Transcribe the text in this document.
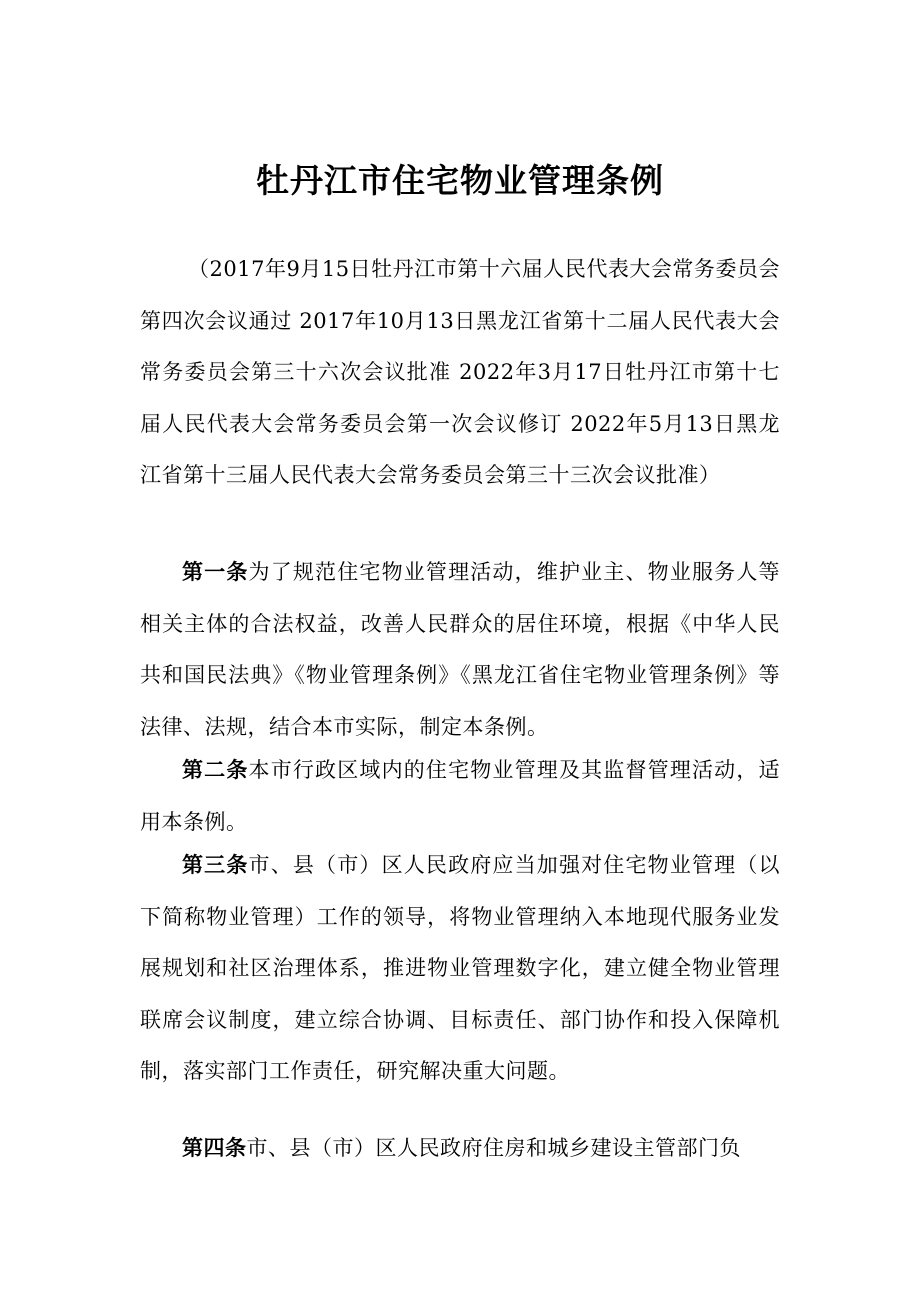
牡丹江市住宅物业管理条例
（2017年9月15日牡丹江市第十六届人民代表大会常务委员会第四次会议通过 2017年10月13日黑龙江省第十二届人民代表大会常务委员会第三十六次会议批准 2022年3月17日牡丹江市第十七届人民代表大会常务委员会第一次会议修订 2022年5月13日黑龙江省第十三届人民代表大会常务委员会第三十三次会议批准）
第一条为了规范住宅物业管理活动，维护业主、物业服务人等相关主体的合法权益，改善人民群众的居住环境，根据《中华人民共和国民法典》《物业管理条例》《黑龙江省住宅物业管理条例》等法律、法规，结合本市实际，制定本条例。
第二条本市行政区域内的住宅物业管理及其监督管理活动，适用本条例。
第三条市、县（市）区人民政府应当加强对住宅物业管理（以下简称物业管理）工作的领导，将物业管理纳入本地现代服务业发展规划和社区治理体系，推进物业管理数字化，建立健全物业管理联席会议制度，建立综合协调、目标责任、部门协作和投入保障机制，落实部门工作责任，研究解决重大问题。
第四条市、县（市）区人民政府住房和城乡建设主管部门负
